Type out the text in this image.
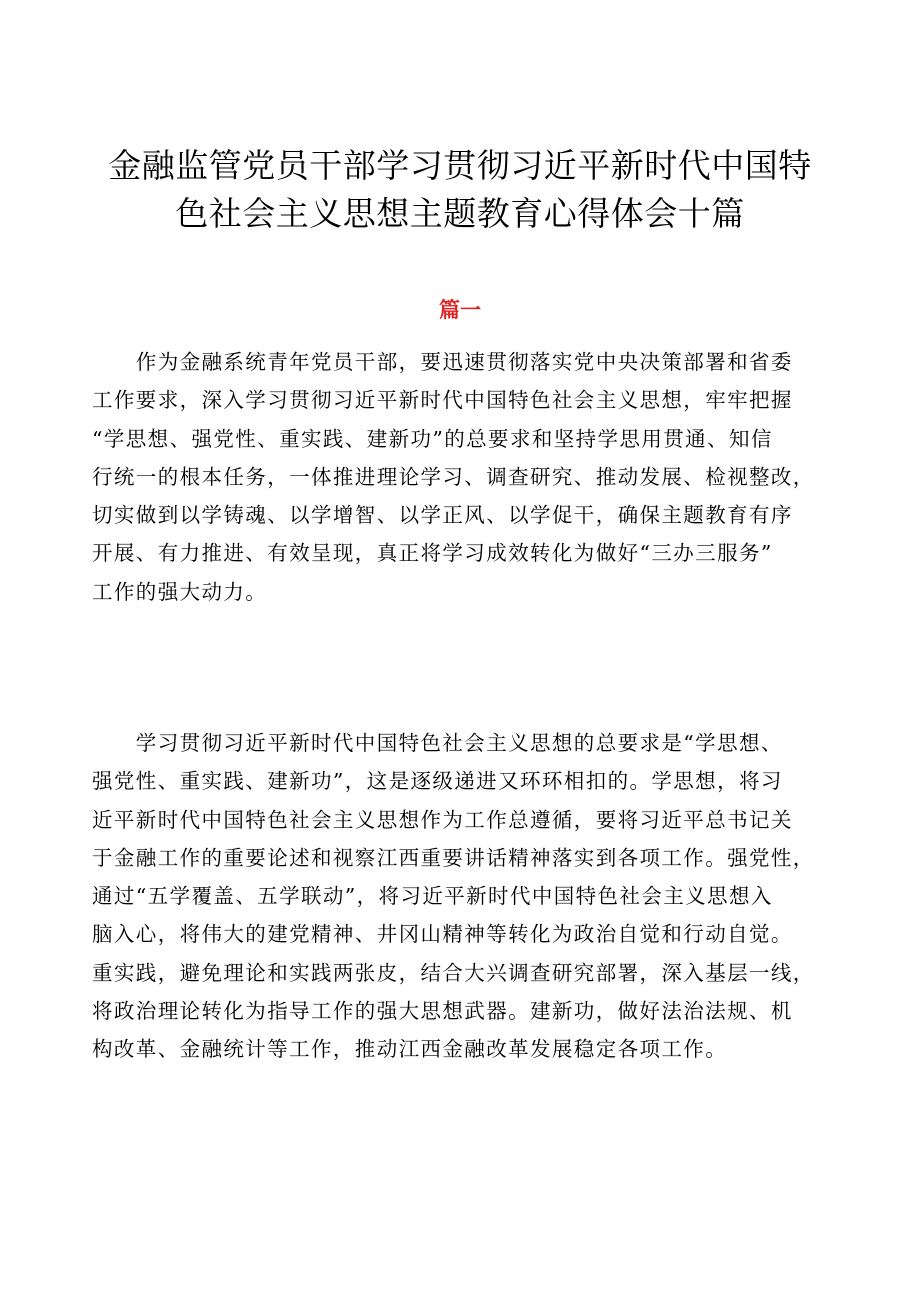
金融监管党员干部学习贯彻习近平新时代中国特
色社会主义思想主题教育心得体会十篇
篇一

　　作为金融系统青年党员干部，要迅速贯彻落实党中央决策部署和省委
工作要求，深入学习贯彻习近平新时代中国特色社会主义思想，牢牢把握
“学思想、强党性、重实践、建新功”的总要求和坚持学思用贯通、知信
行统一的根本任务，一体推进理论学习、调查研究、推动发展、检视整改，
切实做到以学铸魂、以学增智、以学正风、以学促干，确保主题教育有序
开展、有力推进、有效呈现，真正将学习成效转化为做好“三办三服务”
工作的强大动力。

　　学习贯彻习近平新时代中国特色社会主义思想的总要求是“学思想、
强党性、重实践、建新功”，这是逐级递进又环环相扣的。学思想，将习
近平新时代中国特色社会主义思想作为工作总遵循，要将习近平总书记关
于金融工作的重要论述和视察江西重要讲话精神落实到各项工作。强党性，
通过“五学覆盖、五学联动”，将习近平新时代中国特色社会主义思想入
脑入心，将伟大的建党精神、井冈山精神等转化为政治自觉和行动自觉。
重实践，避免理论和实践两张皮，结合大兴调查研究部署，深入基层一线，
将政治理论转化为指导工作的强大思想武器。建新功，做好法治法规、机
构改革、金融统计等工作，推动江西金融改革发展稳定各项工作。
